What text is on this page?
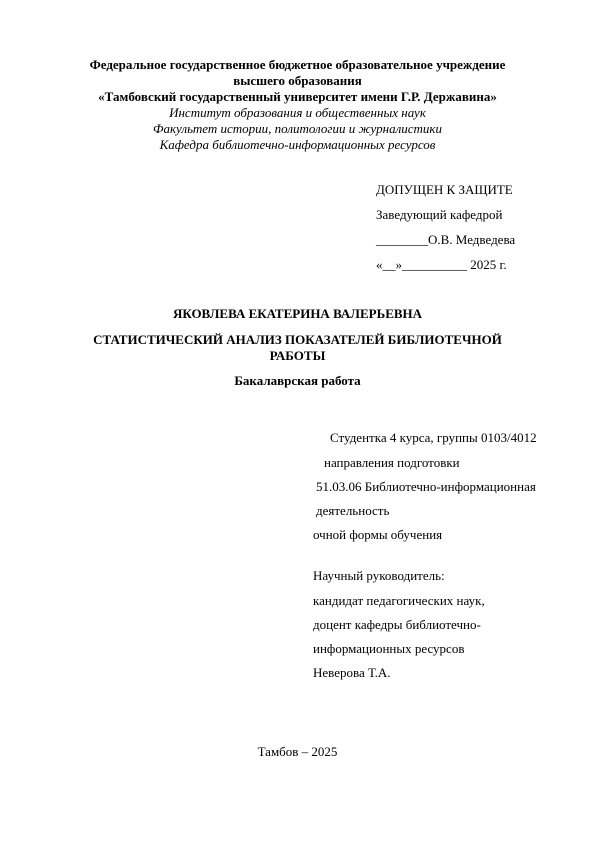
Федеральное государственное бюджетное образовательное учреждение

высшего образования

«Тамбовский государственный университет имени Г.Р. Державина»

Институт образования и общественных наук

Факультет истории, политологии и журналистики

Кафедра библиотечно-информационных ресурсов

ДОПУЩЕН К ЗАЩИТЕ

Заведующий кафедрой

________О.В. Медведева

«__»__________ 2025 г.

ЯКОВЛЕВА ЕКАТЕРИНА ВАЛЕРЬЕВНА

СТАТИСТИЧЕСКИЙ АНАЛИЗ ПОКАЗАТЕЛЕЙ БИБЛИОТЕЧНОЙ

РАБОТЫ

Бакалаврская работа

Студентка 4 курса, группы 0103/4012

направления подготовки

51.03.06 Библиотечно-информационная

деятельность

очной формы обучения

Научный руководитель:

кандидат педагогических наук,

доцент кафедры библиотечно-

информационных ресурсов

Неверова Т.А.

Тамбов – 2025
